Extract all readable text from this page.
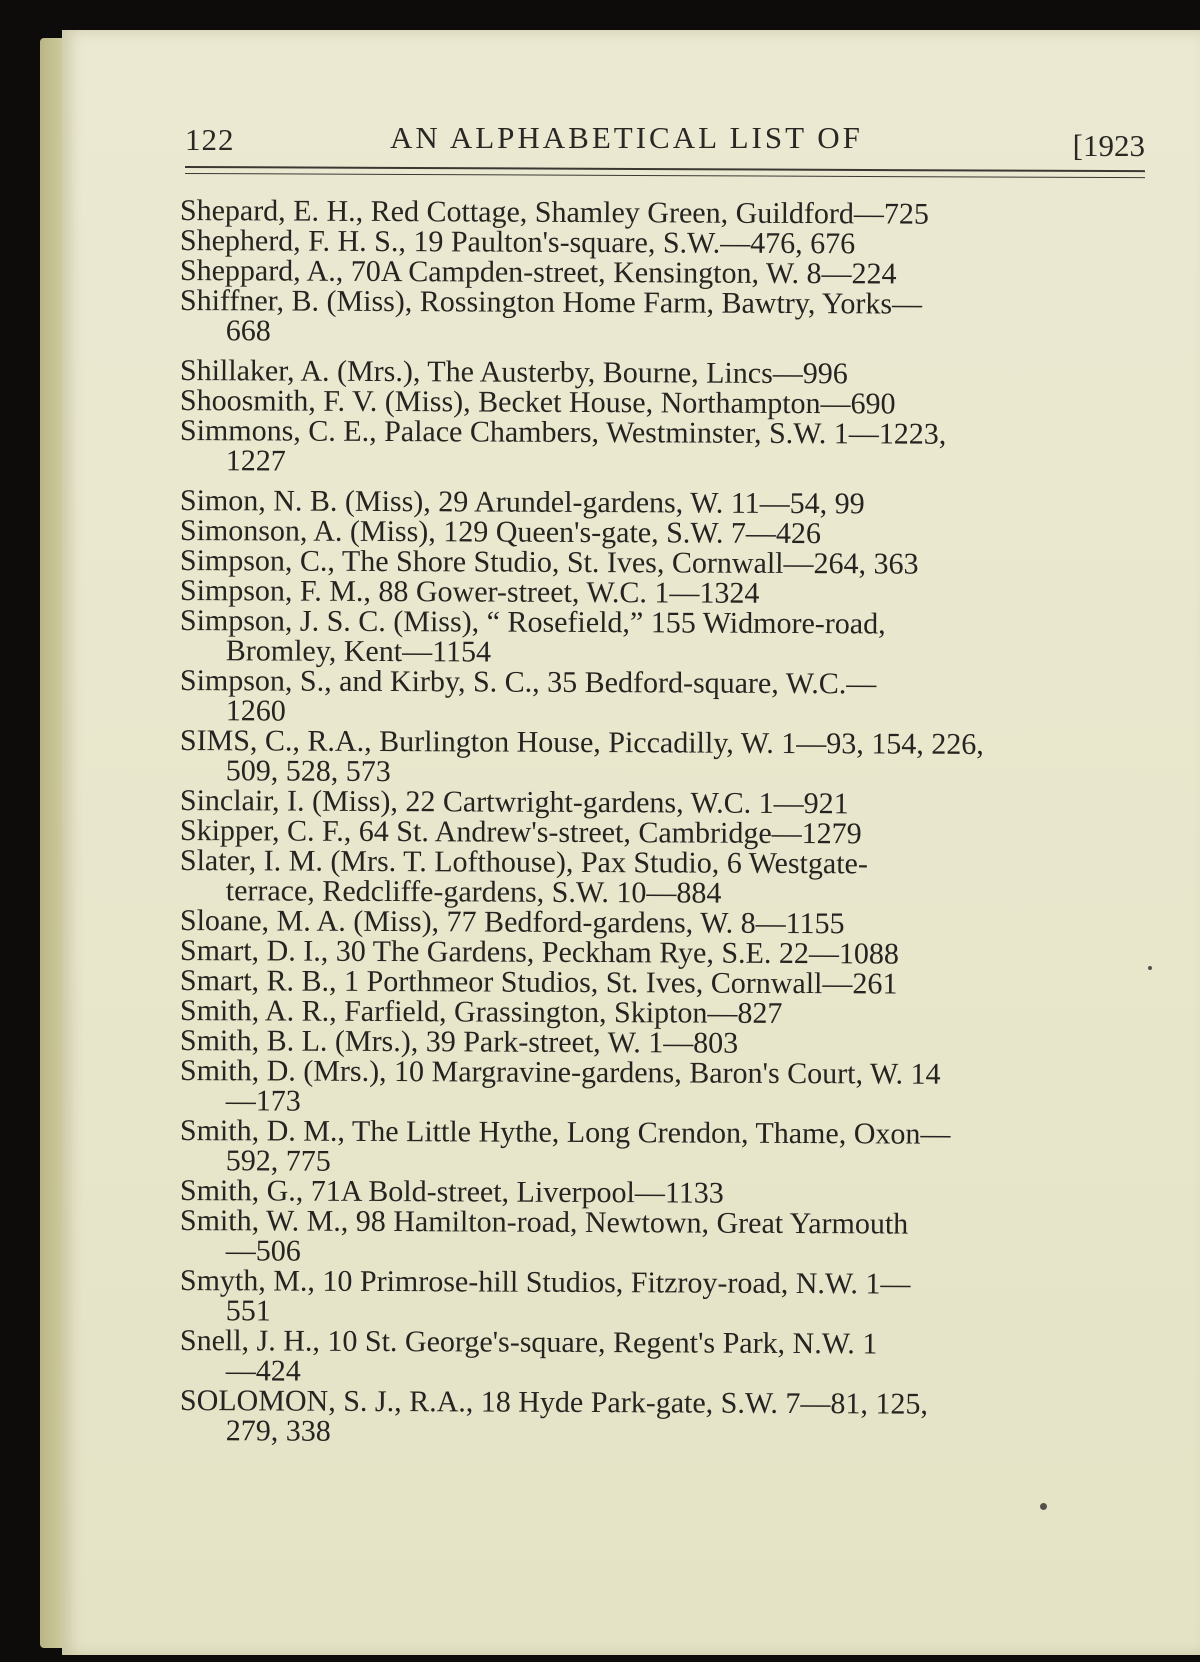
122	AN ALPHABETICAL LIST OF	[1923
Shepard, E. H., Red Cottage, Shamley Green, Guildford—725
Shepherd, F. H. S., 19 Paulton's-square, S.W.—476, 676
Sheppard, A., 70A Campden-street, Kensington, W. 8—224
Shiffner, B. (Miss), Rossington Home Farm, Bawtry, Yorks—
668
Shillaker, A. (Mrs.), The Austerby, Bourne, Lincs—996
Shoosmith, F. V. (Miss), Becket House, Northampton—690
Simmons, C. E., Palace Chambers, Westminster, S.W. 1—1223,
1227
Simon, N. B. (Miss), 29 Arundel-gardens, W. 11—54, 99
Simonson, A. (Miss), 129 Queen's-gate, S.W. 7—426
Simpson, C., The Shore Studio, St. Ives, Cornwall—264, 363
Simpson, F. M., 88 Gower-street, W.C. 1—1324
Simpson, J. S. C. (Miss), “ Rosefield,” 155 Widmore-road,
Bromley, Kent—1154
Simpson, S., and Kirby, S. C., 35 Bedford-square, W.C.—
1260
SIMS, C., R.A., Burlington House, Piccadilly, W. 1—93, 154, 226,
509, 528, 573
Sinclair, I. (Miss), 22 Cartwright-gardens, W.C. 1—921
Skipper, C. F., 64 St. Andrew's-street, Cambridge—1279
Slater, I. M. (Mrs. T. Lofthouse), Pax Studio, 6 Westgate-
terrace, Redcliffe-gardens, S.W. 10—884
Sloane, M. A. (Miss), 77 Bedford-gardens, W. 8—1155
Smart, D. I., 30 The Gardens, Peckham Rye, S.E. 22—1088
Smart, R. B., 1 Porthmeor Studios, St. Ives, Cornwall—261
Smith, A. R., Farfield, Grassington, Skipton—827
Smith, B. L. (Mrs.), 39 Park-street, W. 1—803
Smith, D. (Mrs.), 10 Margravine-gardens, Baron's Court, W. 14
—173
Smith, D. M., The Little Hythe, Long Crendon, Thame, Oxon—
592, 775
Smith, G., 71A Bold-street, Liverpool—1133
Smith, W. M., 98 Hamilton-road, Newtown, Great Yarmouth
—506
Smyth, M., 10 Primrose-hill Studios, Fitzroy-road, N.W. 1—
551
Snell, J. H., 10 St. George's-square, Regent's Park, N.W. 1
—424
SOLOMON, S. J., R.A., 18 Hyde Park-gate, S.W. 7—81, 125,
279, 338
